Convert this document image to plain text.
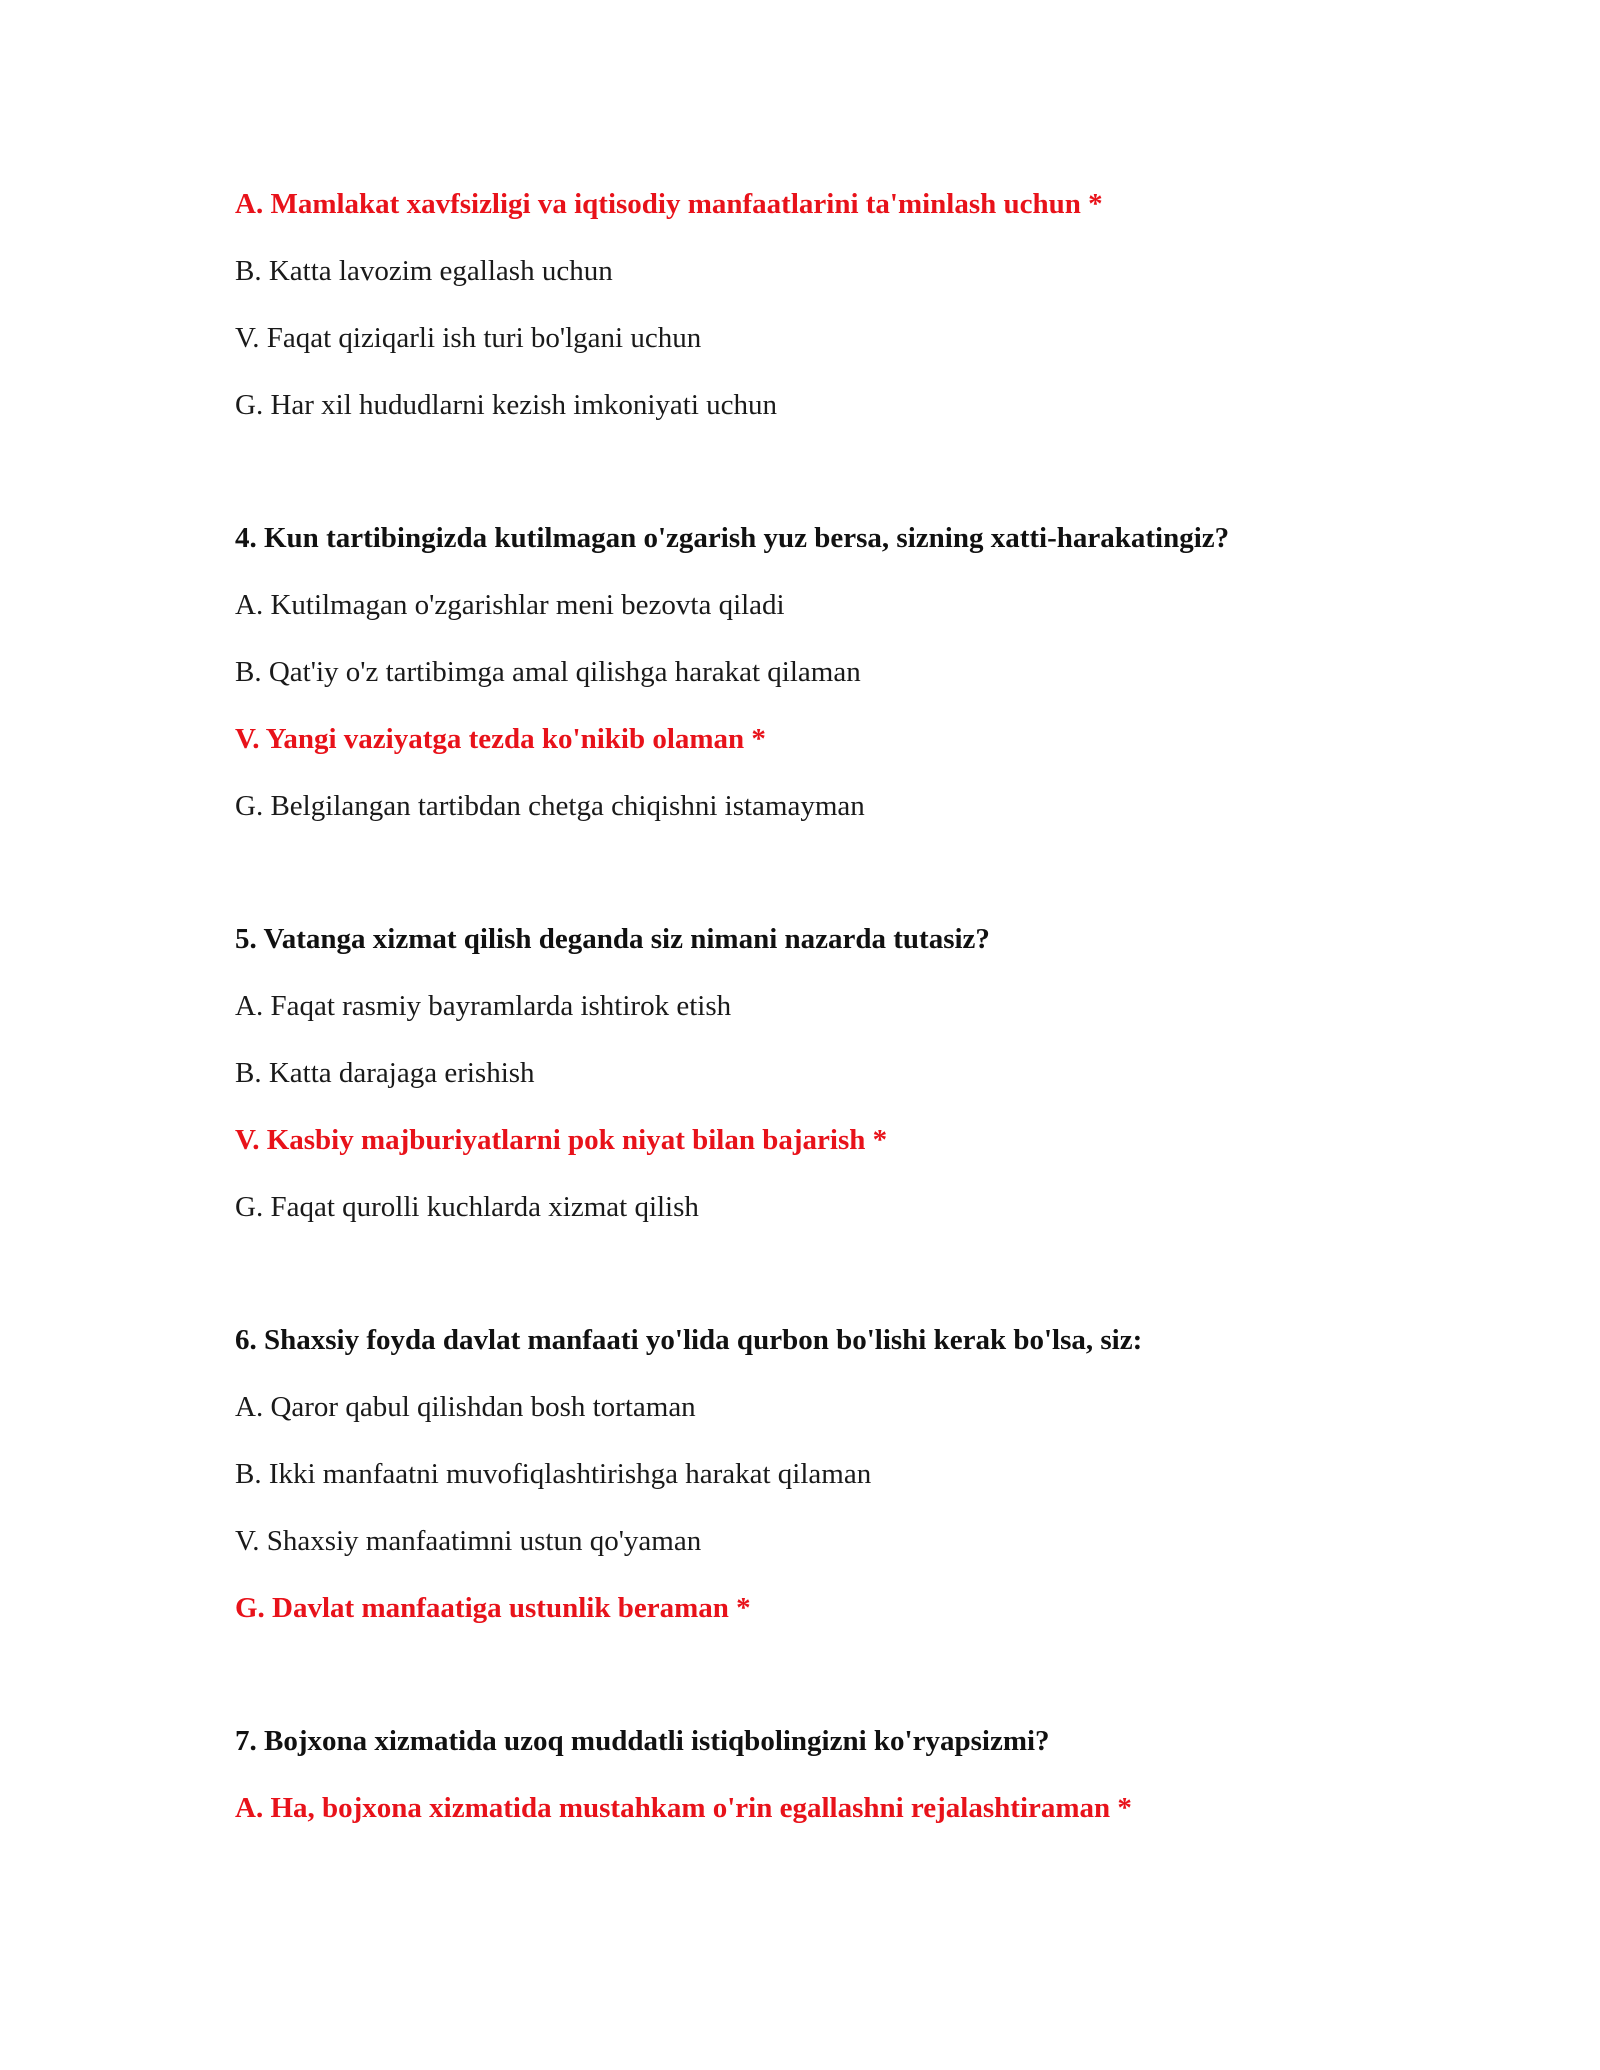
A. Mamlakat xavfsizligi va iqtisodiy manfaatlarini ta'minlash uchun *
B. Katta lavozim egallash uchun
V. Faqat qiziqarli ish turi bo'lgani uchun
G. Har xil hududlarni kezish imkoniyati uchun
4. Kun tartibingizda kutilmagan o'zgarish yuz bersa, sizning xatti-harakatingiz?
A. Kutilmagan o'zgarishlar meni bezovta qiladi
B. Qat'iy o'z tartibimga amal qilishga harakat qilaman
V. Yangi vaziyatga tezda ko'nikib olaman *
G. Belgilangan tartibdan chetga chiqishni istamayman
5. Vatanga xizmat qilish deganda siz nimani nazarda tutasiz?
A. Faqat rasmiy bayramlarda ishtirok etish
B. Katta darajaga erishish
V. Kasbiy majburiyatlarni pok niyat bilan bajarish *
G. Faqat qurolli kuchlarda xizmat qilish
6. Shaxsiy foyda davlat manfaati yo'lida qurbon bo'lishi kerak bo'lsa, siz:
A. Qaror qabul qilishdan bosh tortaman
B. Ikki manfaatni muvofiqlashtirishga harakat qilaman
V. Shaxsiy manfaatimni ustun qo'yaman
G. Davlat manfaatiga ustunlik beraman *
7. Bojxona xizmatida uzoq muddatli istiqbolingizni ko'ryapsizmi?
A. Ha, bojxona xizmatida mustahkam o'rin egallashni rejalashtiraman *
